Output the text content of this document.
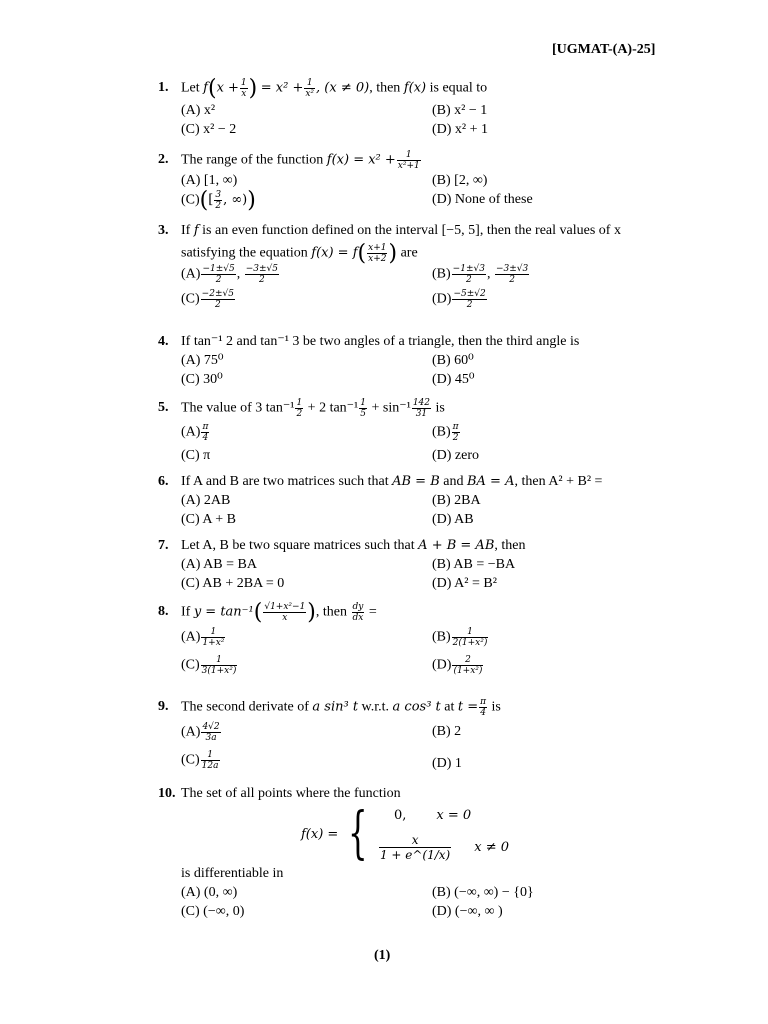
[UGMAT-(A)-25]
1. Let $f(x + \frac{1}{x}$ ) = $x^2 + \frac{1}{\text{x²}}$ , (x ≠ 0), then f(x) is equal to
(A) x²	(B) x² − 1
(C) x² − 2	(D) x² + 1
2. The range of the function $f(x) = x^2 + \frac{1}{\text{x²+1}}$
(A) [1, ∞)	(B) [2, ∞)
$(C)([ \frac{3}{2}$ , ∞))	(D) None of these
3. If f is an even function defined on the interval [−5, 5], then the real values of x
satisfying the equation $f(x) = f( \frac{x+1}{x+2}$ ) are
$(A) \frac{-1\pm√5}{2}$ , $\frac{-3\pm√5}{2}$	$(B) \frac{-1\pm√3}{2}$ , $\frac{-3\pm√3}{2}$
$(C) \frac{-2\pm√5}{2}$	$(D) \frac{-5\pm√2}{2}$
4. If tan⁻¹ 2 and tan⁻¹ 3 be two angles of a triangle, then the third angle is
(A) 75⁰	(B) 60⁰
(C) 30⁰	(D) 45⁰
5. The value of 3 $\tan^{-1} \frac{1}{2} + 2$ $\tan^{-1} \frac{1}{5} + \sin^{-1} \frac{142}{31}$ is
$(A) \frac{\pi}{4}$	$(B) \frac{\pi}{2}$
(C) π	(D) zero
6. If A and B are two matrices such that AB = B and BA = A, then A² + B² =
(A) 2AB	(B) 2BA
(C) A + B	(D) AB
7. Let A, B be two square matrices such that A + B = AB, then
(A) AB = BA	(B) AB = −BA
(C) AB + 2BA = 0	(D) A² = B²
8. If $y = \tan^{-1}( \frac{\text{√1+x²−1}}{x}$ ), then $\frac{dy}{dx}$ =
$(A) \frac{1}{\text{1+x²}}$	$(B) \frac{1}{\text{2(1+x²)}}$
$(C) \frac{1}{\text{3(1+x²)}}$	$(D) \frac{2}{\text{(1+x²)}}$
9. The second derivate of a sin³ t w.r.t. a cos³ t at $t = \frac{\pi}{4}$ is
$(A) \frac{4√2}{3a}$	(B) 2
$(C) \frac{1}{12a}$	(D) 1
10. The set of all points where the function
f(x) = { 0, x = 0
$\frac{x}{1 + e\^{}(1/x)}$ x ≠ 0
is differentiable in
(A) (0, ∞)	(B) (−∞, ∞) − {0}
(C) (−∞, 0)	(D) (−∞, ∞ )
(1)
